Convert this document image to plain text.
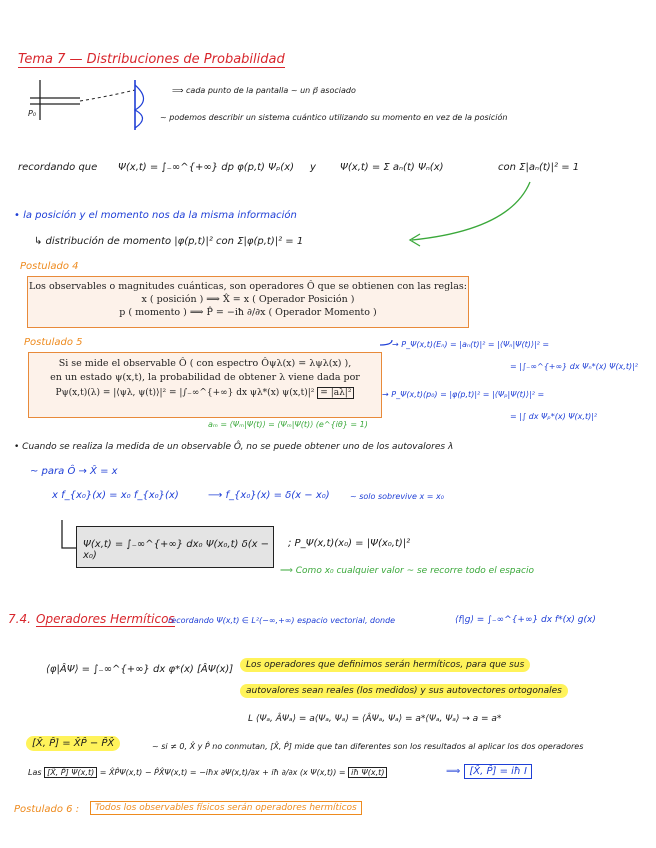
Tema 7 — Distribuciones de Probabilidad
P₀
⟹ cada punto de la pantalla ~ un p⃗ asociado
~ podemos describir un sistema cuántico utilizando su momento en vez de la posición
recordando que Ψ(x,t) = ∫₋∞^{+∞} dp φ(p,t) Ψₚ(x) y Ψ(x,t) = Σ aₙ(t) Ψₙ(x)	con Σ|aₙ(t)|² = 1
• la posición y el momento nos da la misma información
↳ distribución de momento |φ(p,t)|² con Σ|φ(p,t)|² = 1
Postulado 4
Los observables o magnitudes cuánticas, son operadores Ô que se obtienen con las reglas:
x ( posición ) ⟹ X̂ = x ( Operador Posición )
p ( momento ) ⟹ P̂ = −iħ ∂/∂x ( Operador Momento )
Postulado 5
Si se mide el observable Ô ( con espectro Ôψλ(x) = λψλ(x) ),
en un estado ψ(x,t), la probabilidad de obtener λ viene dada por
Pψ(x,t)(λ) = |⟨ψλ, ψ(t)⟩|² = |∫₋∞^{+∞} dx ψλ*(x) ψ(x,t)|² = |aλ|²
aₘ = ⟨Ψₘ|Ψ(t)⟩ = ⟨Ψₘ|Ψ(t)⟩ (e^{iθ} = 1)
→ P_Ψ(x,t)(Eₙ) = |aₙ(t)|² = |⟨Ψₙ|Ψ(t)⟩|² =
= |∫₋∞^{+∞} dx Ψₙ*(x) Ψ(x,t)|²
→ P_Ψ(x,t)(p₀) = |φ(p,t)|² = |⟨Ψₚ|Ψ(t)⟩|² =
= |∫ dx Ψₚ*(x) Ψ(x,t)|²
• Cuando se realiza la medida de un observable Ô, no se puede obtener uno de los autovalores λ
~ para Ô → X̂ = x
x f_{x₀}(x) = x₀ f_{x₀}(x)	⟶ f_{x₀}(x) = δ(x − x₀)	~ solo sobrevive x = x₀
Ψ(x,t) = ∫₋∞^{+∞} dx₀ Ψ(x₀,t) δ(x − x₀)
; P_Ψ(x,t)(x₀) = |Ψ(x₀,t)|²
⟹ Como x₀ cualquier valor ~ se recorre todo el espacio
7.4. Operadores Hermíticos
recordando Ψ(x,t) ∈ L²(−∞,+∞) espacio vectorial, donde	⟨f|g⟩ = ∫₋∞^{+∞} dx f*(x) g(x)
⟨φ|ÂΨ⟩ = ∫₋∞^{+∞} dx φ*(x) [ÂΨ(x)]	Los operadores que definimos serán hermíticos, para que sus
autovalores sean reales (los medidos) y sus autovectores ortogonales
L ⟨Ψₐ, ÂΨₐ⟩ = a⟨Ψₐ, Ψₐ⟩ = ⟨ÂΨₐ, Ψₐ⟩ = a*⟨Ψₐ, Ψₐ⟩ → a = a*
[X̂, P̂] = X̂P̂ − P̂X̂	~ si ≠ 0, X̂ y P̂ no conmutan, [X̂, P̂] mide que tan diferentes son los resultados al aplicar los dos operadores
Las [X̂, P̂] Ψ(x,t) = X̂P̂Ψ(x,t) − P̂X̂Ψ(x,t) = −iħx ∂Ψ(x,t)/∂x + iħ ∂/∂x (x Ψ(x,t)) = iħ Ψ(x,t)	⟹ [X̂, P̂] = iħ I
Postulado 6 :	Todos los observables físicos serán operadores hermíticos
